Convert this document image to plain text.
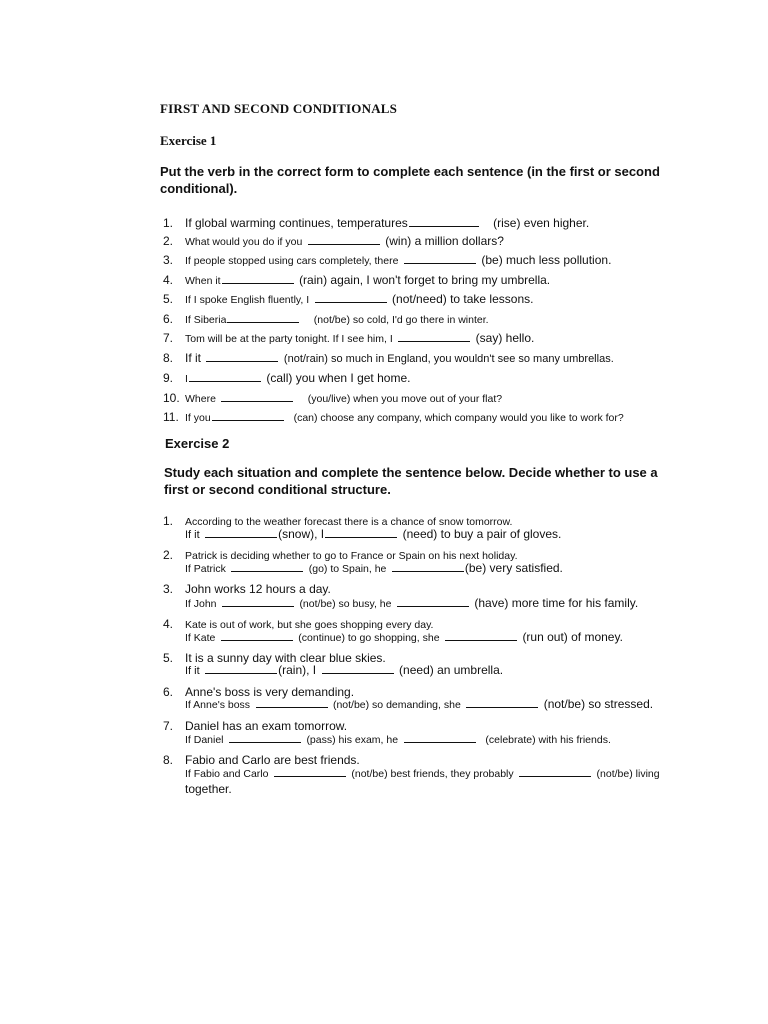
FIRST AND SECOND CONDITIONALS
Exercise 1
Put the verb in the correct form to complete each sentence (in the first or second conditional).
1. If global warming continues, temperatures	(rise) even higher.
2. What would you do if you	(win) a million dollars?
3. If people stopped using cars completely, there	(be) much less pollution.
4. When it	(rain) again, I won't forget to bring my umbrella.
5. If I spoke English fluently, I	(not/need) to take lessons.
6. If Siberia	(not/be) so cold, I'd go there in winter.
7. Tom will be at the party tonight. If I see him, I	(say) hello.
8. If it	(not/rain) so much in England, you wouldn't see so many umbrellas.
9. I	(call) you when I get home.
10. Where	(you/live) when you move out of your flat?
11. If you	(can) choose any company, which company would you like to work for?
Exercise 2
Study each situation and complete the sentence below. Decide whether to use a first or second conditional structure.
1. According to the weather forecast there is a chance of snow tomorrow.
If it	(snow), I	(need) to buy a pair of gloves.
2. Patrick is deciding whether to go to France or Spain on his next holiday.
If Patrick	(go) to Spain, he	(be) very satisfied.
3. John works 12 hours a day.
If John	(not/be) so busy, he	(have) more time for his family.
4. Kate is out of work, but she goes shopping every day.
If Kate	(continue) to go shopping, she	(run out) of money.
5. It is a sunny day with clear blue skies.
If it	(rain), I	(need) an umbrella.
6. Anne's boss is very demanding.
If Anne's boss	(not/be) so demanding, she	(not/be) so stressed.
7. Daniel has an exam tomorrow.
If Daniel	(pass) his exam, he	(celebrate) with his friends.
8. Fabio and Carlo are best friends.
If Fabio and Carlo	(not/be) best friends, they probably	(not/be) living
together.
